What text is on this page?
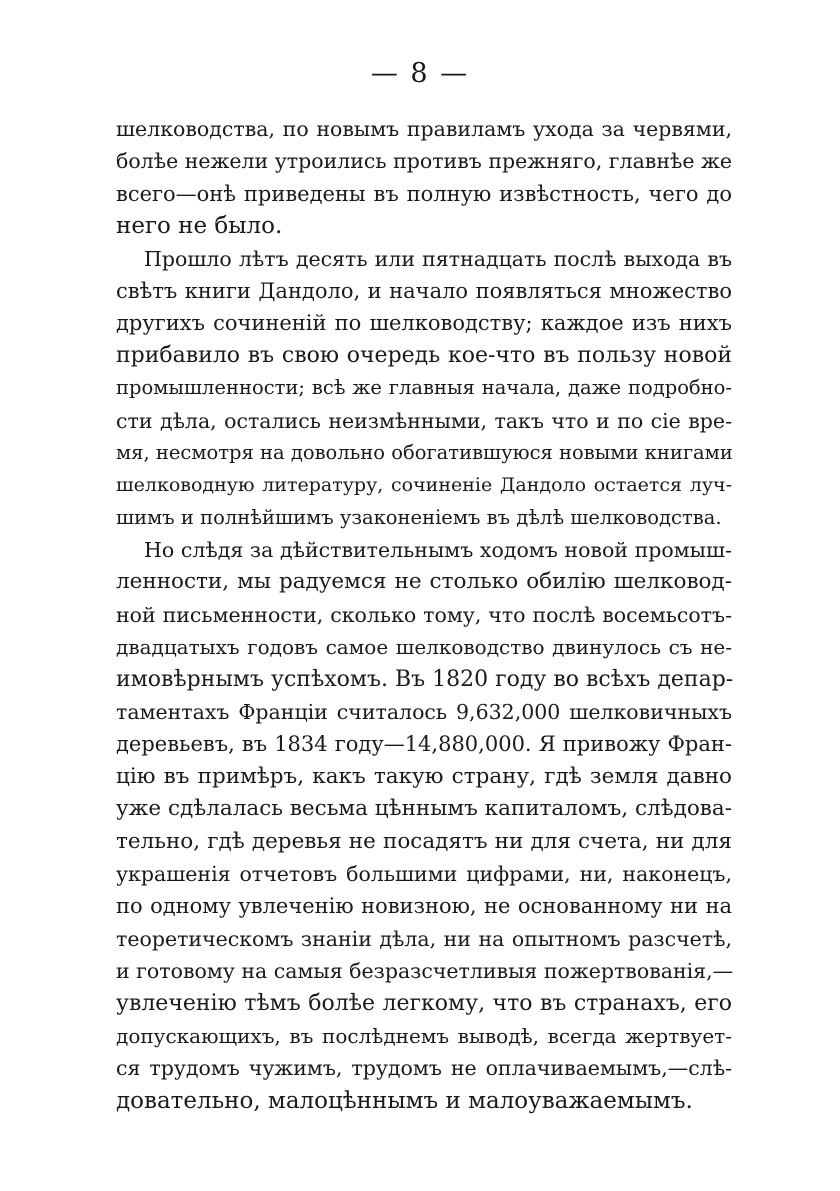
— 8 —
шелководства, по новымъ правиламъ ухода за червями,
болѣе нежели утроились противъ прежняго, главнѣе же
всего—онѣ приведены въ полную извѣстность, чего до
него не было.
Прошло лѣтъ десять или пятнадцать послѣ выхода въ
свѣтъ книги Дандоло, и начало появляться множество
другихъ сочиненій по шелководству; каждое изъ нихъ
прибавило въ свою очередь кое-что въ пользу новой
промышленности; всѣ же главныя начала, даже подробно-
сти дѣла, остались неизмѣнными, такъ что и по сіе вре-
мя, несмотря на довольно обогатившуюся новыми книгами
шелководную литературу, сочиненіе Дандоло остается луч-
шимъ и полнѣйшимъ узаконеніемъ въ дѣлѣ шелководства.
Но слѣдя за дѣйствительнымъ ходомъ новой промыш-
ленности, мы радуемся не столько обилію шелковод-
ной письменности, сколько тому, что послѣ восемьсотъ-
двадцатыхъ годовъ самое шелководство двинулось съ не-
имовѣрнымъ успѣхомъ. Въ 1820 году во всѣхъ депар-
таментахъ Франціи считалось 9,632,000 шелковичныхъ
деревьевъ, въ 1834 году—14,880,000. Я привожу Фран-
цію въ примѣръ, какъ такую страну, гдѣ земля давно
уже сдѣлалась весьма цѣннымъ капиталомъ, слѣдова-
тельно, гдѣ деревья не посадятъ ни для счета, ни для
украшенія отчетовъ большими цифрами, ни, наконецъ,
по одному увлеченію новизною, не основанному ни на
теоретическомъ знаніи дѣла, ни на опытномъ разсчетѣ,
и готовому на самыя безразсчетливыя пожертвованія,—
увлеченію тѣмъ болѣе легкому, что въ странахъ, его
допускающихъ, въ послѣднемъ выводѣ, всегда жертвует-
ся трудомъ чужимъ, трудомъ не оплачиваемымъ,—слѣ-
довательно, малоцѣннымъ и малоуважаемымъ.
